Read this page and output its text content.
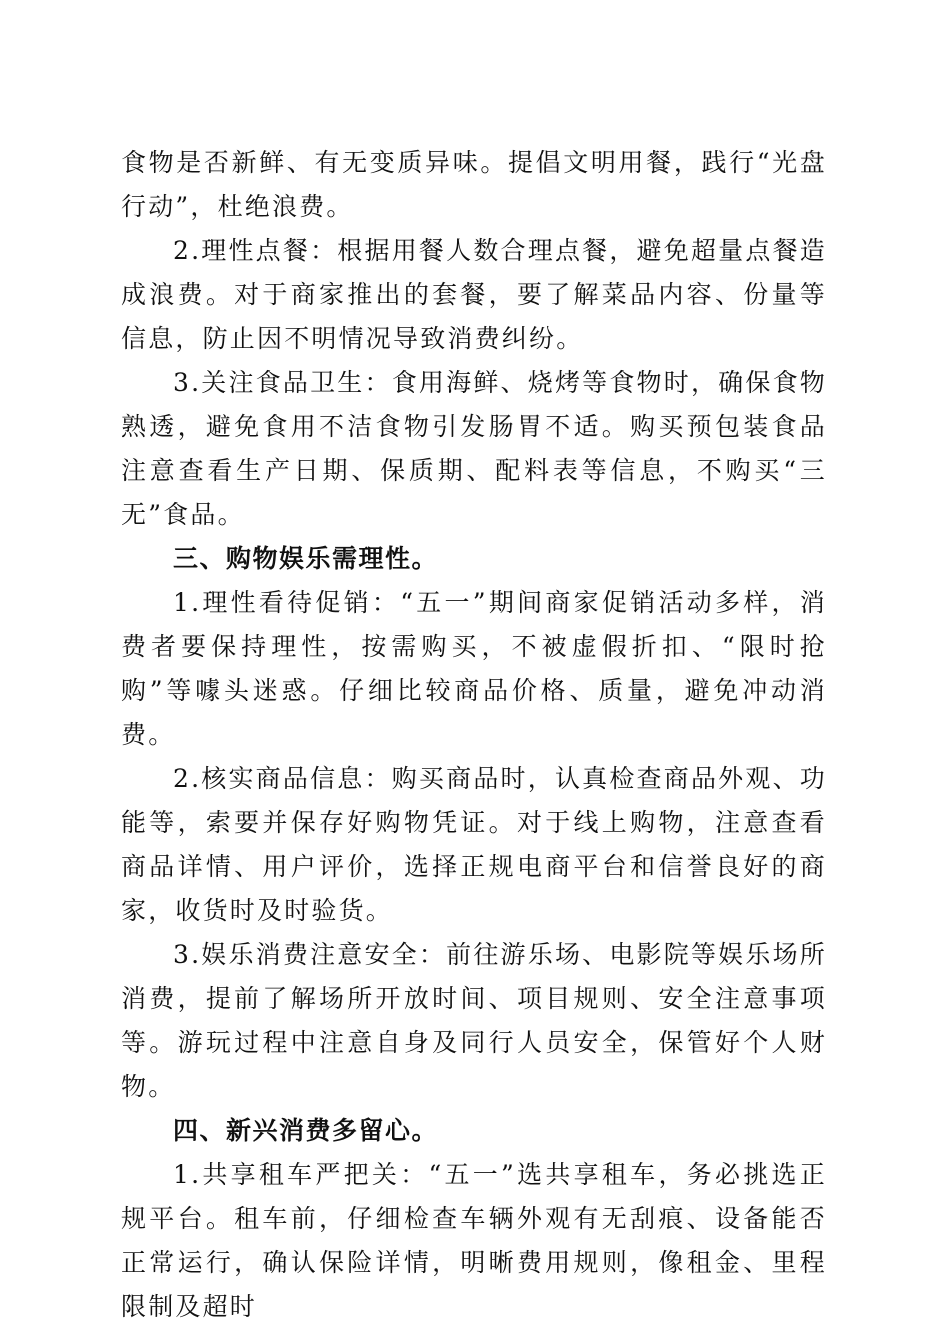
食物是否新鲜、有无变质异味。提倡文明用餐，践行“光盘行动”，杜绝浪费。

2.理性点餐：根据用餐人数合理点餐，避免超量点餐造成浪费。对于商家推出的套餐，要了解菜品内容、份量等信息，防止因不明情况导致消费纠纷。

3.关注食品卫生：食用海鲜、烧烤等食物时，确保食物熟透，避免食用不洁食物引发肠胃不适。购买预包装食品注意查看生产日期、保质期、配料表等信息，不购买“三无”食品。

三、购物娱乐需理性。

1.理性看待促销：“五一”期间商家促销活动多样，消费者要保持理性，按需购买，不被虚假折扣、“限时抢购”等噱头迷惑。仔细比较商品价格、质量，避免冲动消费。

2.核实商品信息：购买商品时，认真检查商品外观、功能等，索要并保存好购物凭证。对于线上购物，注意查看商品详情、用户评价，选择正规电商平台和信誉良好的商家，收货时及时验货。

3.娱乐消费注意安全：前往游乐场、电影院等娱乐场所消费，提前了解场所开放时间、项目规则、安全注意事项等。游玩过程中注意自身及同行人员安全，保管好个人财物。

四、新兴消费多留心。

1.共享租车严把关：“五一”选共享租车，务必挑选正规平台。租车前，仔细检查车辆外观有无刮痕、设备能否正常运行，确认保险详情，明晰费用规则，像租金、里程限制及超时
